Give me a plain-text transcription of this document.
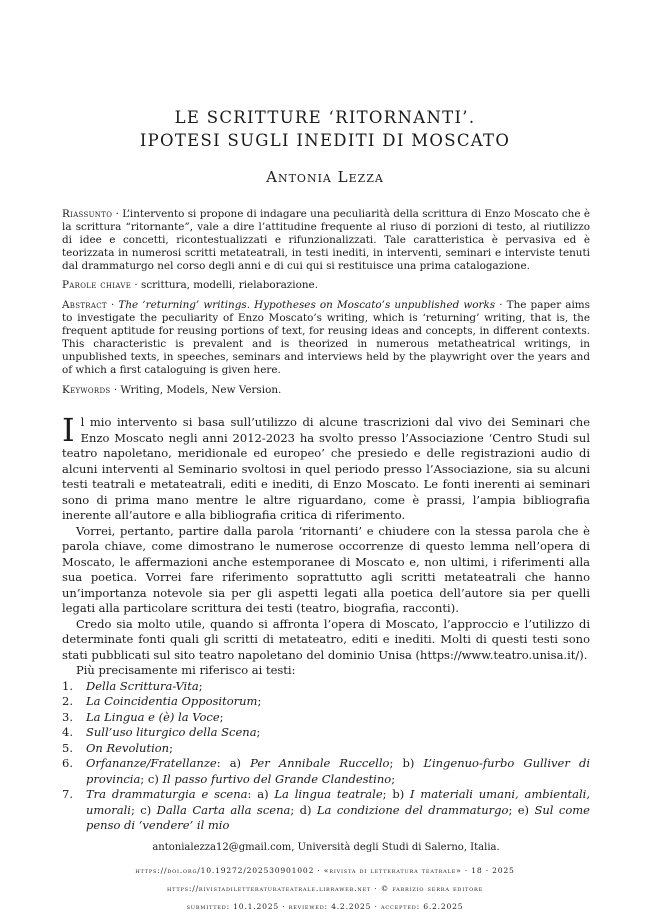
LE SCRITTURE ‘RITORNANTI’.
IPOTESI SUGLI INEDITI DI MOSCATO
Antonia Lezza
Riassunto · L’intervento si propone di indagare una peculiarità della scrittura di Enzo Moscato che è la scrittura “ritornante”, vale a dire l’attitudine frequente al riuso di porzioni di testo, al riutilizzo di idee e concetti, ricontestualizzati e rifunzionalizzati. Tale caratteristica è pervasiva ed è teorizzata in numerosi scritti metateatrali, in testi inediti, in interventi, seminari e interviste tenuti dal drammaturgo nel corso degli anni e di cui qui si restituisce una prima catalogazione.
Parole chiave · scrittura, modelli, rielaborazione.
Abstract · The ‘returning’ writings. Hypotheses on Moscato’s unpublished works · The paper aims to investigate the peculiarity of Enzo Moscato’s writing, which is ‘returning’ writing, that is, the frequent aptitude for reusing portions of text, for reusing ideas and concepts, in different contexts. This characteristic is prevalent and is theorized in numerous metatheatrical writings, in unpublished texts, in speeches, seminars and interviews held by the playwright over the years and of which a first cataloguing is given here.
Keywords · Writing, Models, New Version.

Il mio intervento si basa sull’utilizzo di alcune trascrizioni dal vivo dei Seminari che Enzo Moscato negli anni 2012-2023 ha svolto presso l’Associazione ‘Centro Studi sul teatro napoletano, meridionale ed europeo’ che presiedo e delle registrazioni audio di alcuni interventi al Seminario svoltosi in quel periodo presso l’Associazione, sia su alcuni testi teatrali e metateatrali, editi e inediti, di Enzo Moscato. Le fonti inerenti ai seminari sono di prima mano mentre le altre riguardano, come è prassi, l’ampia bibliografia inerente all’autore e alla bibliografia critica di riferimento.

Vorrei, pertanto, partire dalla parola ‘ritornanti’ e chiudere con la stessa parola che è parola chiave, come dimostrano le numerose occorrenze di questo lemma nell’opera di Moscato, le affermazioni anche estemporanee di Moscato e, non ultimi, i riferimenti alla sua poetica. Vorrei fare riferimento soprattutto agli scritti metateatrali che hanno un’importanza notevole sia per gli aspetti legati alla poetica dell’autore sia per quelli legati alla particolare scrittura dei testi (teatro, biografia, racconti).

Credo sia molto utile, quando si affronta l’opera di Moscato, l’approccio e l’utilizzo di determinate fonti quali gli scritti di metateatro, editi e inediti. Molti di questi testi sono stati pubblicati sul sito teatro napoletano del dominio Unisa (https://www.teatro.unisa.it/).

Più precisamente mi riferisco ai testi:

1. Della Scrittura-Vita;
2. La Coincidentia Oppositorum;
3. La Lingua e (è) la Voce;
4. Sull’uso liturgico della Scena;
5. On Revolution;
6. Orfananze/Fratellanze: a) Per Annibale Ruccello; b) L’ingenuo-furbo Gulliver di provincia; c) Il passo furtivo del Grande Clandestino;
7. Tra drammaturgia e scena: a) La lingua teatrale; b) I materiali umani, ambientali, umorali; c) Dalla Carta alla scena; d) La condizione del drammaturgo; e) Sul come penso di ‘vendere’ il mio
antonialezza12@gmail.com, Università degli Studi di Salerno, Italia.
https://doi.org/10.19272/202530901002 · «rivista di letteratura teatrale» · 18 · 2025
https://rivistadiletteraturateatrale.libraweb.net · © fabrizio serra editore
submitted: 10.1.2025 · reviewed: 4.2.2025 · accepted: 6.2.2025
